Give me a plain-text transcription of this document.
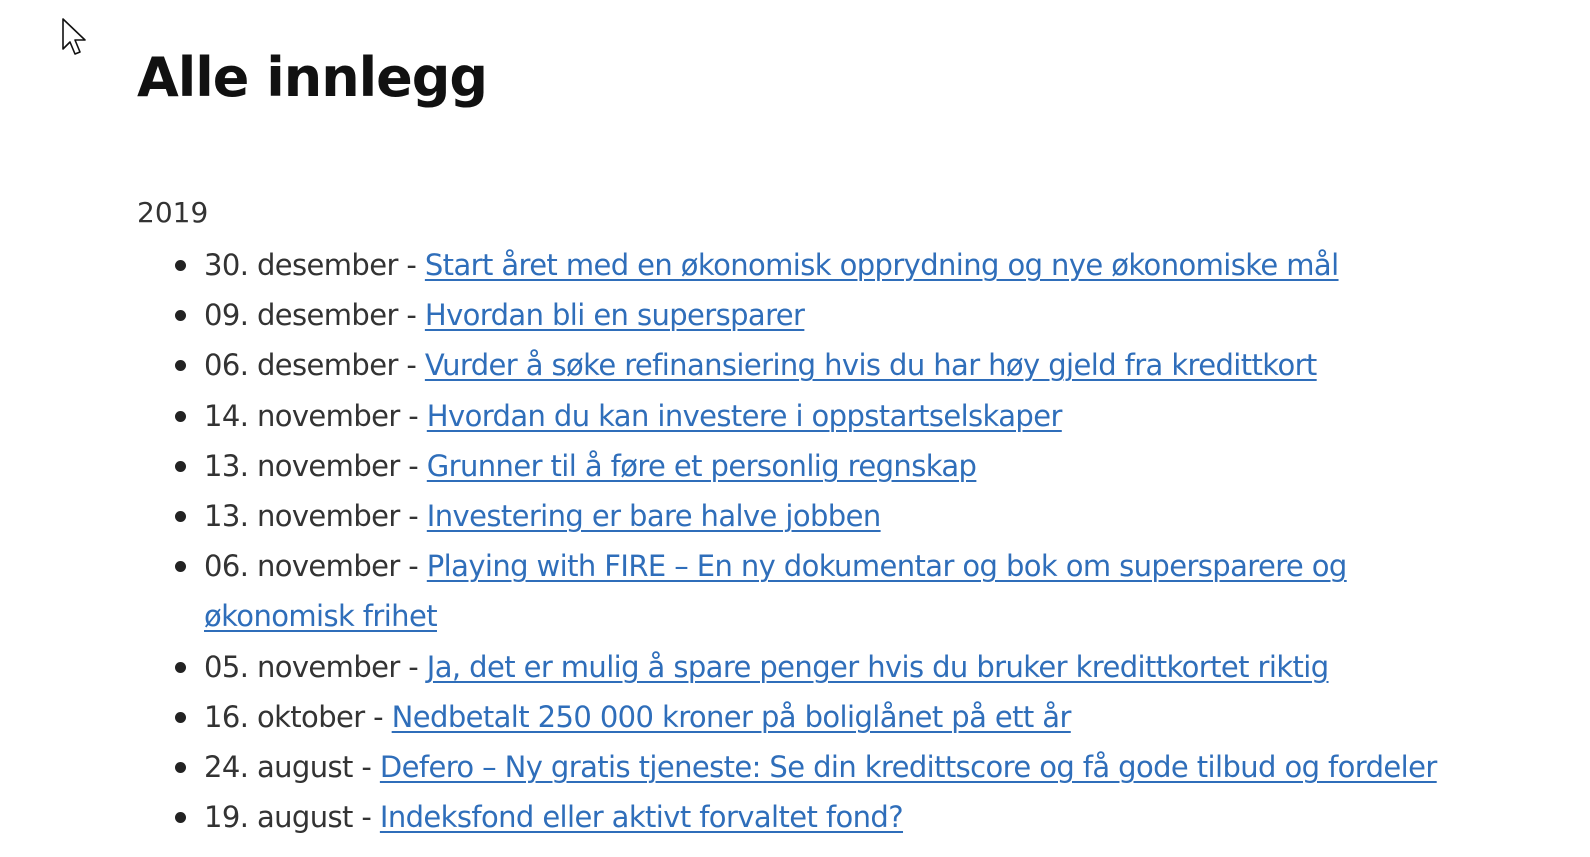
Alle innlegg
2019
30. desember - Start året med en økonomisk opprydning og nye økonomiske mål
09. desember - Hvordan bli en supersparer
06. desember - Vurder å søke refinansiering hvis du har høy gjeld fra kredittkort
14. november - Hvordan du kan investere i oppstartselskaper
13. november - Grunner til å føre et personlig regnskap
13. november - Investering er bare halve jobben
06. november - Playing with FIRE – En ny dokumentar og bok om supersparere og økonomisk frihet
05. november - Ja, det er mulig å spare penger hvis du bruker kredittkortet riktig
16. oktober - Nedbetalt 250 000 kroner på boliglånet på ett år
24. august - Defero – Ny gratis tjeneste: Se din kredittscore og få gode tilbud og fordeler
19. august - Indeksfond eller aktivt forvaltet fond?
